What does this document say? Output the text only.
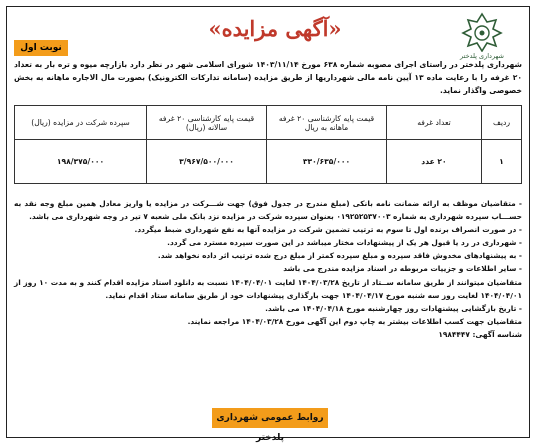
شهرداری پلدختر
«آگهی مزایده»
نوبت اول
شهرداری پلدختر در راستای اجرای مصوبه شماره ۶۳۸ مورخ ۱۴۰۳/۱۱/۱۴ شورای اسلامی شهر در نظر دارد بازارچه میوه و تره بار به تعداد ۲۰ غرفه را با رعایت ماده ۱۳ آیین نامه مالی شهرداریها از طریق مزایده (سامانه تدارکات الکترونیک) بصورت مال الاجاره ماهانه به بخش خصوصی واگذار نماید.
ردیف	تعداد غرفه	قیمت پایه کارشناسی ۲۰ غرفه ماهانه به ریال	قیمت پایه کارشناسی ۲۰ غرفه سالانه (ریال)	سپرده شرکت در مزایده (ریال)
۱	۲۰ عدد	۳۳۰/۶۳۵/۰۰۰	۳/۹۶۷/۵۰۰/۰۰۰	۱۹۸/۳۷۵/۰۰۰

- متقاضیان موظف به ارائه ضمانت نامه بانکی (مبلغ مندرج در جدول فوق) جهت شـــرکت در مزایده یا واریز معادل همین مبلغ وجه نقد به حســـاب سپرده شهرداری به شماره ۰۱۹۲۵۲۵۳۷۰۰۳ بعنوان سپرده شرکت در مزایده نزد بانک ملی شعبه ۷ تیر در وجه شهرداری می باشد.

- در صورت انصراف برنده اول تا سوم به ترتیب تضمین شرکت در مزایده آنها به نفع شهرداری ضبط میگردد.

- شهرداری در رد یا قبول هر یک از پیشنهادات مختار میباشد در این صورت سپرده مسترد می گردد.

- به پیشنهادهای مخدوش فاقد سپرده و مبلغ سپرده کمتر از مبلغ درج شده ترتیب اثر داده نخواهد شد.

- سایر اطلاعات و جزییات مربوطه در اسناد مزایده مندرج می باشد

متقاضیان میتوانند از طریق سامانه ســتاد از تاریخ ۱۴۰۴/۰۳/۲۸ لغایت ۱۴۰۴/۰۴/۰۱ نسبت به دانلود اسناد مزایده اقدام کنند و به مدت ۱۰ روز از ۱۴۰۴/۰۴/۰۱ لغایت روز سه شنبه مورخ ۱۴۰۴/۰۴/۱۷ جهت بارگذاری پیشنهادات خود از طریق سامانه ستاد اقدام نماید.

- تاریخ بازگشایی پیشنهادات روز چهارشنبه مورخ ۱۴۰۴/۰۴/۱۸ می باشد.

متقاضیان جهت کسب اطلاعات بیشتر به چاپ دوم این آگهی مورخ ۱۴۰۴/۰۳/۲۸ مراجعه نمایند.

شناسه آگهی: ۱۹۸۴۴۴۷

روابط عمومی شهرداری پلدختر
